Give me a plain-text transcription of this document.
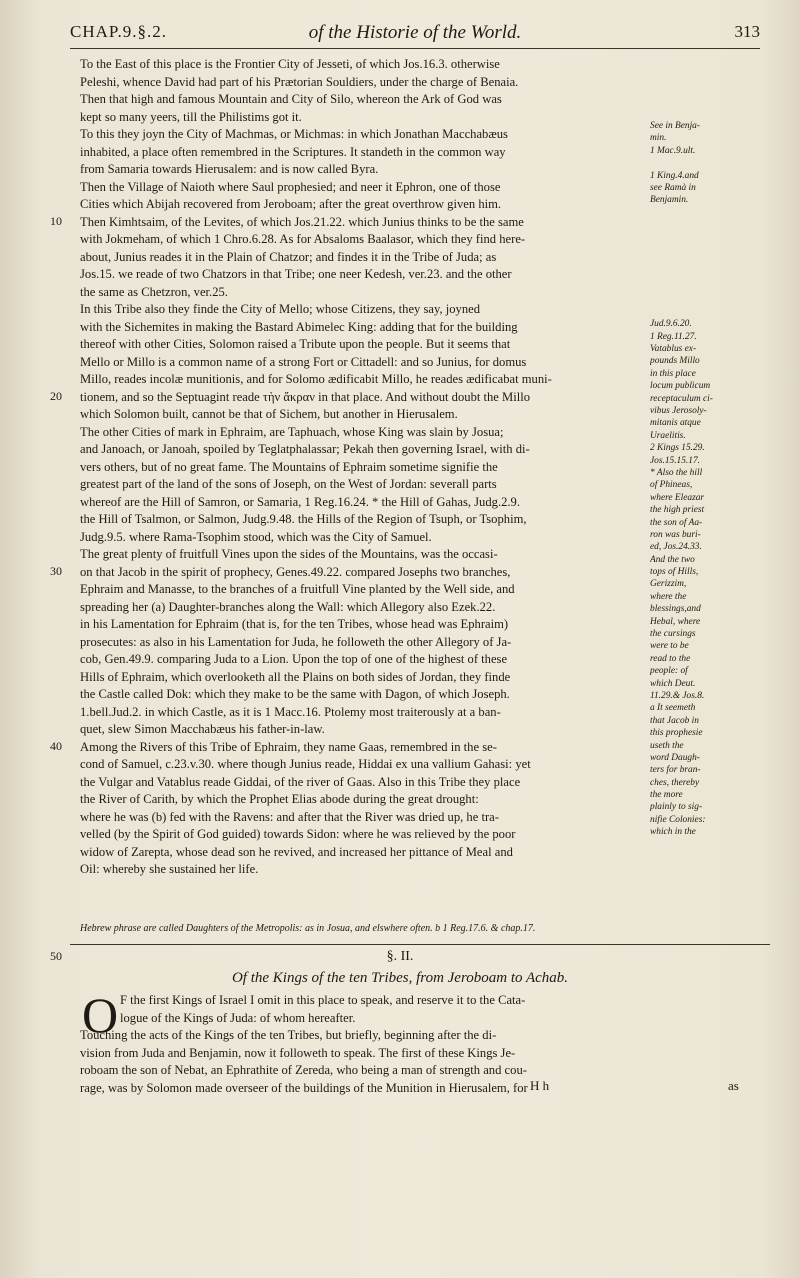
CHAP.9.§.2.	of the Historie of the World.	313
To the East of this place is the Frontier City of Jesseti, of which Jos.16.3. otherwise
Peleshi, whence David had part of his Prætorian Souldiers, under the charge of Benaia.
Then that high and famous Mountain and City of Silo, whereon the Ark of God was
kept so many yeers, till the Philistims got it.
To this they joyn the City of Machmas, or Michmas: in which Jonathan Macchabæus
inhabited, a place often remembred in the Scriptures. It standeth in the common way
from Samaria towards Hierusalem: and is now called Byra.
Then the Village of Naioth where Saul prophesied; and neer it Ephron, one of those
Cities which Abijah recovered from Jeroboam; after the great overthrow given him.
Then Kimhtsaim, of the Levites, of which Jos.21.22. which Junius thinks to be the same
with Jokmeham, of which 1 Chro.6.28. As for Absaloms Baalasor, which they find here-
about, Junius reades it in the Plain of Chatzor; and findes it in the Tribe of Juda; as
Jos.15. we reade of two Chatzors in that Tribe; one neer Kedesh, ver.23. and the other
the same as Chetzron, ver.25.
In this Tribe also they finde the City of Mello; whose Citizens, they say, joyned
with the Sichemites in making the Bastard Abimelec King: adding that for the building
thereof with other Cities, Solomon raised a Tribute upon the people. But it seems that
Mello or Millo is a common name of a strong Fort or Cittadell: and so Junius, for domus
Millo, reades incolæ munitionis, and for Solomo ædificabit Millo, he reades ædificabat muni-
tionem, and so the Septuagint reade τὴν ἄκραν in that place. And without doubt the Millo
which Solomon built, cannot be that of Sichem, but another in Hierusalem.
The other Cities of mark in Ephraim, are Taphuach, whose King was slain by Josua;
and Janoach, or Janoah, spoiled by Teglatphalassar; Pekah then governing Israel, with di-
vers others, but of no great fame. The Mountains of Ephraim sometime signifie the
greatest part of the land of the sons of Joseph, on the West of Jordan: severall parts
whereof are the Hill of Samron, or Samaria, 1 Reg.16.24. * the Hill of Gahas, Judg.2.9.
the Hill of Tsalmon, or Salmon, Judg.9.48. the Hills of the Region of Tsuph, or Tsophim,
Judg.9.5. where Rama-Tsophim stood, which was the City of Samuel.
The great plenty of fruitfull Vines upon the sides of the Mountains, was the occasi-
on that Jacob in the spirit of prophecy, Genes.49.22. compared Josephs two branches,
Ephraim and Manasse, to the branches of a fruitfull Vine planted by the Well side, and
spreading her (a) Daughter-branches along the Wall: which Allegory also Ezek.22.
in his Lamentation for Ephraim (that is, for the ten Tribes, whose head was Ephraim)
prosecutes: as also in his Lamentation for Juda, he followeth the other Allegory of Ja-
cob, Gen.49.9. comparing Juda to a Lion. Upon the top of one of the highest of these
Hills of Ephraim, which overlooketh all the Plains on both sides of Jordan, they finde
the Castle called Dok: which they make to be the same with Dagon, of which Joseph.
1.bell.Jud.2. in which Castle, as it is 1 Macc.16. Ptolemy most traiterously at a ban-
quet, slew Simon Macchabæus his father-in-law.
Among the Rivers of this Tribe of Ephraim, they name Gaas, remembred in the se-
cond of Samuel, c.23.v.30. where though Junius reade, Hiddai ex una vallium Gahasi: yet
the Vulgar and Vatablus reade Giddai, of the river of Gaas. Also in this Tribe they place
the River of Carith, by which the Prophet Elias abode during the great drought:
where he was (b) fed with the Ravens: and after that the River was dried up, he tra-
velled (by the Spirit of God guided) towards Sidon: where he was relieved by the poor
widow of Zarepta, whose dead son he revived, and increased her pittance of Meal and
Oil: whereby she sustained her life.
10
20
30
40
50
See in Benja-
min.
1 Mac.9.ult.
1 King.4.and
see Ramà in
Benjamin.
Jud.9.6.20.
1 Reg.11.27.
Vatablus ex-
pounds Millo
in this place
locum publicum
receptaculum ci-
vibus Jerosoly-
mitanis atque
Uraelitis.
2 Kings 15.29.
Jos.15.15.17.
* Also the hill
of Phineas,
where Eleazar
the high priest
the son of Aa-
ron was buri-
ed, Jos.24.33.
And the two
tops of Hills,
Gerizzim,
where the
blessings,and
Hebal, where
the cursings
were to be
read to the
people: of
which Deut.
11.29.& Jos.8.
a It seemeth
that Jacob in
this prophesie
useth the
word Daugh-
ters for bran-
ches, thereby
the more
plainly to sig-
nifie Colonies:
which in the
Hebrew phrase are called Daughters of the Metropolis: as in Josua, and elswhere often. b 1 Reg.17.6. & chap.17.
§. II.
Of the Kings of the ten Tribes, from Jeroboam to Achab.
O F the first Kings of Israel I omit in this place to speak, and reserve it to the Cata-
logue of the Kings of Juda: of whom hereafter.
Touching the acts of the Kings of the ten Tribes, but briefly, beginning after the di-
vision from Juda and Benjamin, now it followeth to speak. The first of these Kings Je-
roboam the son of Nebat, an Ephrathite of Zereda, who being a man of strength and cou-
rage, was by Solomon made overseer of the buildings of the Munition in Hierusalem, for H h	as
